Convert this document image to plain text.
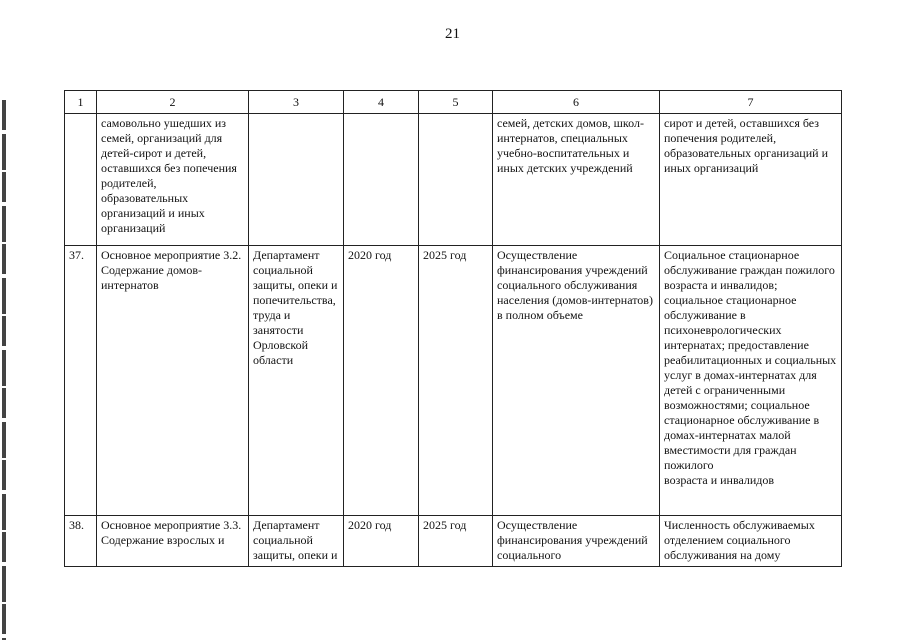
21
1	2	3	4	5	6	7
	самовольно ушедших из семей, организаций для детей-сирот и детей, оставшихся без попечения родителей, образовательных организаций и иных организаций				семей, детских домов, школ-интернатов, специальных учебно-воспитательных и иных детских учреждений	сирот и детей, оставшихся без попечения родителей, образовательных организаций и иных организаций
37.	Основное мероприятие 3.2.
Содержание домов-интернатов	Департамент социальной защиты, опеки и попечительства, труда и занятости Орловской области	2020 год	2025 год	Осуществление финансирования учреждений социального обслуживания населения (домов-интернатов) в полном объеме	Социальное стационарное обслуживание граждан пожилого возраста и инвалидов;
социальное стационарное обслуживание в психоневрологических интернатах; предоставление реабилитационных и социальных услуг в домах-интернатах для детей с ограниченными возможностями; социальное стационарное обслуживание в домах-интернатах малой вместимости для граждан пожилого
возраста и инвалидов
38.	Основное мероприятие 3.3.
Содержание взрослых и	Департамент социальной защиты, опеки и	2020 год	2025 год	Осуществление финансирования учреждений социального	Численность обслуживаемых отделением социального обслуживания на дому
